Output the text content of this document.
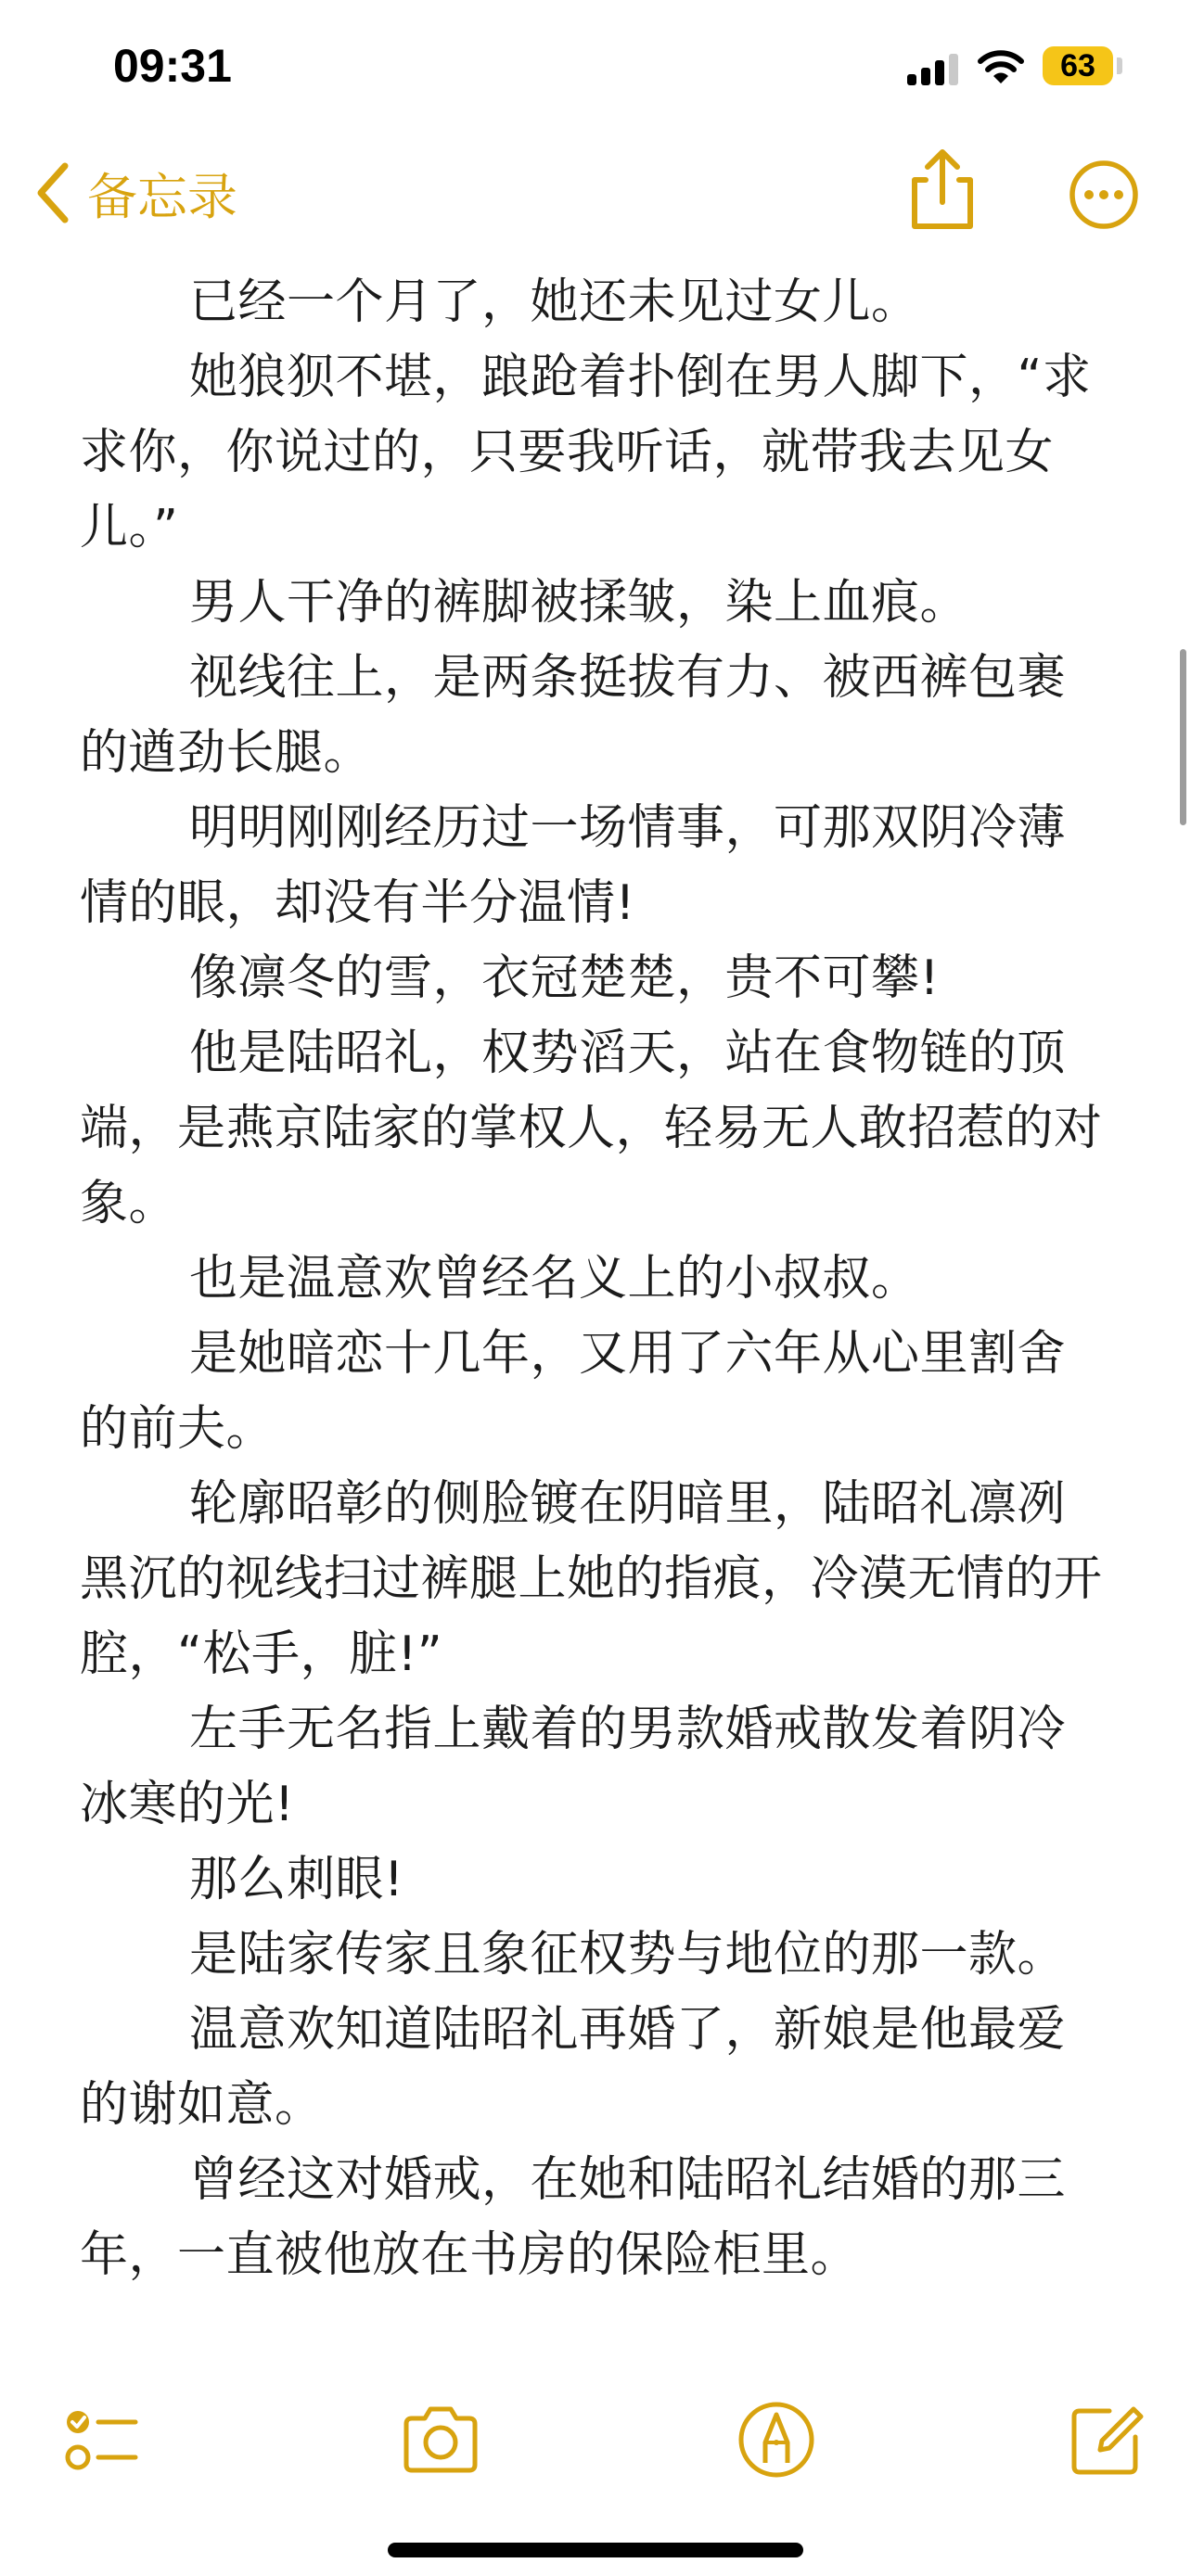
09:31	63
备忘录

已经一个月了，她还未见过女儿。

她狼狈不堪，踉跄着扑倒在男人脚下，“求求你，你说过的，只要我听话，就带我去见女儿。”

男人干净的裤脚被揉皱，染上血痕。

视线往上，是两条挺拔有力、被西裤包裹的遒劲长腿。

明明刚刚经历过一场情事，可那双阴冷薄情的眼，却没有半分温情!

像凛冬的雪，衣冠楚楚，贵不可攀!

他是陆昭礼，权势滔天，站在食物链的顶端，是燕京陆家的掌权人，轻易无人敢招惹的对象。

也是温意欢曾经名义上的小叔叔。

是她暗恋十几年，又用了六年从心里割舍的前夫。

轮廓昭彰的侧脸镀在阴暗里，陆昭礼凛冽黑沉的视线扫过裤腿上她的指痕，冷漠无情的开腔，“松手，脏!”

左手无名指上戴着的男款婚戒散发着阴冷冰寒的光!

那么刺眼!

是陆家传家且象征权势与地位的那一款。

温意欢知道陆昭礼再婚了，新娘是他最爱的谢如意。

曾经这对婚戒，在她和陆昭礼结婚的那三年，一直被他放在书房的保险柜里。
